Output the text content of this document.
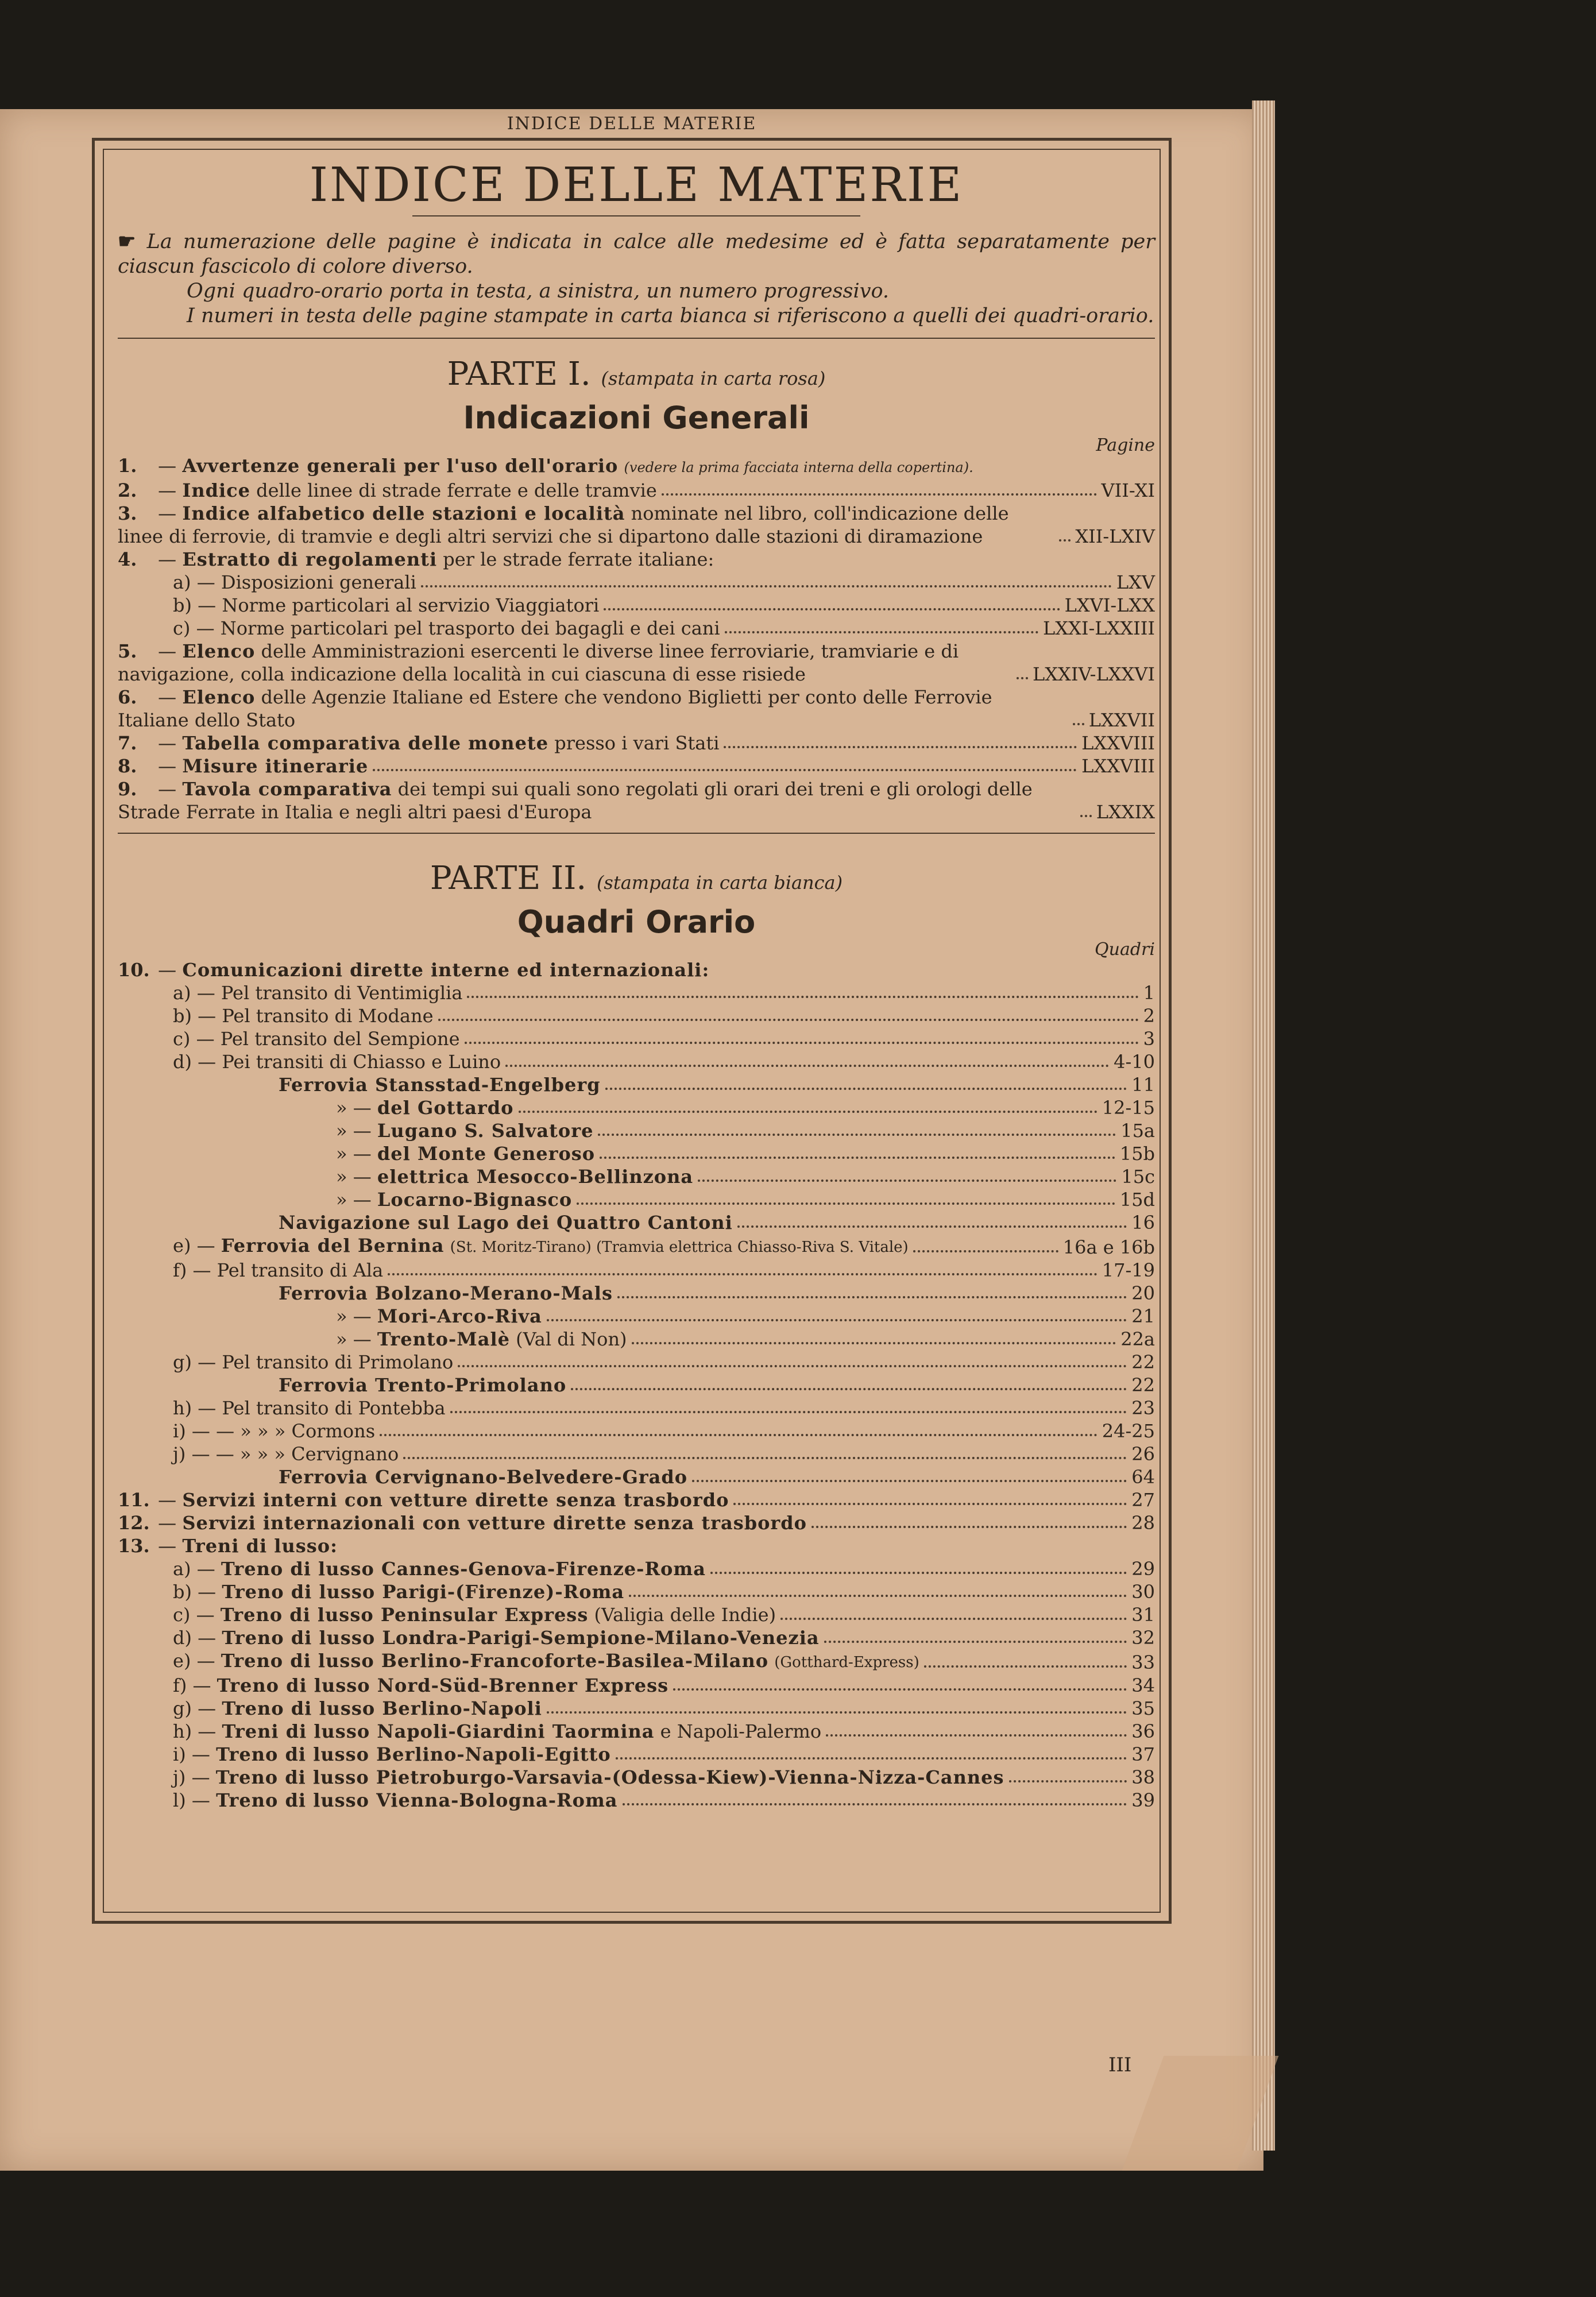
INDICE DELLE MATERIE
INDICE DELLE MATERIE
☛ La numerazione delle pagine è indicata in calce alle medesime ed è fatta separatamente per ciascun fascicolo di colore diverso.
Ogni quadro-orario porta in testa, a sinistra, un numero progressivo.
I numeri in testa delle pagine stampate in carta bianca si riferiscono a quelli dei quadri-orario.
PARTE I. (stampata in carta rosa)
Indicazioni Generali
Pagine
1. — Avvertenze generali per l'uso dell'orario (vedere la prima facciata interna della copertina).
2. — Indice delle linee di strade ferrate e delle tramvie	VII-XI
3. — Indice alfabetico delle stazioni e località nominate nel libro, coll'indicazione delle linee di ferrovie, di tramvie e degli altri servizi che si dipartono dalle stazioni di diramazione	XII-LXIV
4. — Estratto di regolamenti per le strade ferrate italiane:
a) — Disposizioni generali	LXV
b) — Norme particolari al servizio Viaggiatori	LXVI-LXX
c) — Norme particolari pel trasporto dei bagagli e dei cani	LXXI-LXXIII
5. — Elenco delle Amministrazioni esercenti le diverse linee ferroviarie, tramviarie e di navigazione, colla indicazione della località in cui ciascuna di esse risiede	LXXIV-LXXVI
6. — Elenco delle Agenzie Italiane ed Estere che vendono Biglietti per conto delle Ferrovie Italiane dello Stato	LXXVII
7. — Tabella comparativa delle monete presso i vari Stati	LXXVIII
8. — Misure itinerarie	LXXVIII
9. — Tavola comparativa dei tempi sui quali sono regolati gli orari dei treni e gli orologi delle Strade Ferrate in Italia e negli altri paesi d'Europa	LXXIX
PARTE II. (stampata in carta bianca)
Quadri Orario
Quadri
10. — Comunicazioni dirette interne ed internazionali:
a) — Pel transito di Ventimiglia	1
b) — Pel transito di Modane	2
c) — Pel transito del Sempione	3
d) — Pei transiti di Chiasso e Luino	4-10
Ferrovia Stansstad-Engelberg	11
» — del Gottardo	12-15
» — Lugano S. Salvatore	15a
» — del Monte Generoso	15b
» — elettrica Mesocco-Bellinzona	15c
» — Locarno-Bignasco	15d
Navigazione sul Lago dei Quattro Cantoni	16
e) — Ferrovia del Bernina (St. Moritz-Tirano) (Tramvia elettrica Chiasso-Riva S. Vitale)	16a e 16b
f) — Pel transito di Ala	17-19
Ferrovia Bolzano-Merano-Mals	20
» — Mori-Arco-Riva	21
» — Trento-Malè (Val di Non)	22a
g) — Pel transito di Primolano	22
Ferrovia Trento-Primolano	22
h) — Pel transito di Pontebba	23
i) — — » » » Cormons	24-25
j) — — » » » Cervignano	26
Ferrovia Cervignano-Belvedere-Grado	64
11. — Servizi interni con vetture dirette senza trasbordo	27
12. — Servizi internazionali con vetture dirette senza trasbordo	28
13. — Treni di lusso:
a) — Treno di lusso Cannes-Genova-Firenze-Roma	29
b) — Treno di lusso Parigi-(Firenze)-Roma	30
c) — Treno di lusso Peninsular Express (Valigia delle Indie)	31
d) — Treno di lusso Londra-Parigi-Sempione-Milano-Venezia	32
e) — Treno di lusso Berlino-Francoforte-Basilea-Milano (Gotthard-Express)	33
f) — Treno di lusso Nord-Süd-Brenner Express	34
g) — Treno di lusso Berlino-Napoli	35
h) — Treni di lusso Napoli-Giardini Taormina e Napoli-Palermo	36
i) — Treno di lusso Berlino-Napoli-Egitto	37
j) — Treno di lusso Pietroburgo-Varsavia-(Odessa-Kiew)-Vienna-Nizza-Cannes	38
l) — Treno di lusso Vienna-Bologna-Roma	39
III
